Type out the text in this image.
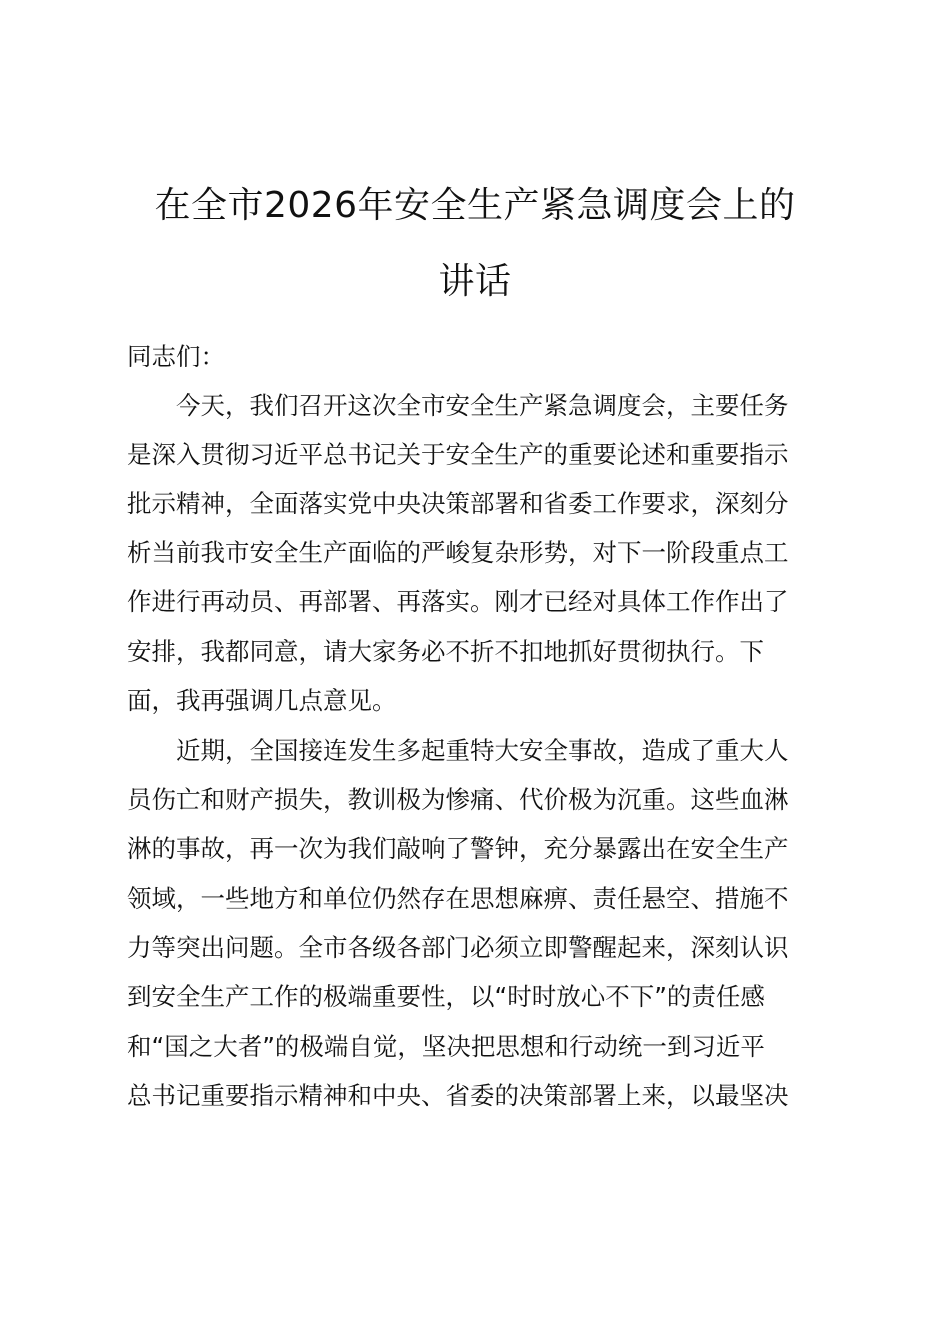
在全市2026年安全生产紧急调度会上的
讲话

同志们：

　　今天，我们召开这次全市安全生产紧急调度会，主要任务

是深入贯彻习近平总书记关于安全生产的重要论述和重要指示

批示精神，全面落实党中央决策部署和省委工作要求，深刻分

析当前我市安全生产面临的严峻复杂形势，对下一阶段重点工

作进行再动员、再部署、再落实。刚才已经对具体工作作出了

安排，我都同意，请大家务必不折不扣地抓好贯彻执行。下

面，我再强调几点意见。

　　近期，全国接连发生多起重特大安全事故，造成了重大人

员伤亡和财产损失，教训极为惨痛、代价极为沉重。这些血淋

淋的事故，再一次为我们敲响了警钟，充分暴露出在安全生产

领域，一些地方和单位仍然存在思想麻痹、责任悬空、措施不

力等突出问题。全市各级各部门必须立即警醒起来，深刻认识

到安全生产工作的极端重要性，以“时时放心不下”的责任感

和“国之大者”的极端自觉，坚决把思想和行动统一到习近平

总书记重要指示精神和中央、省委的决策部署上来，以最坚决
